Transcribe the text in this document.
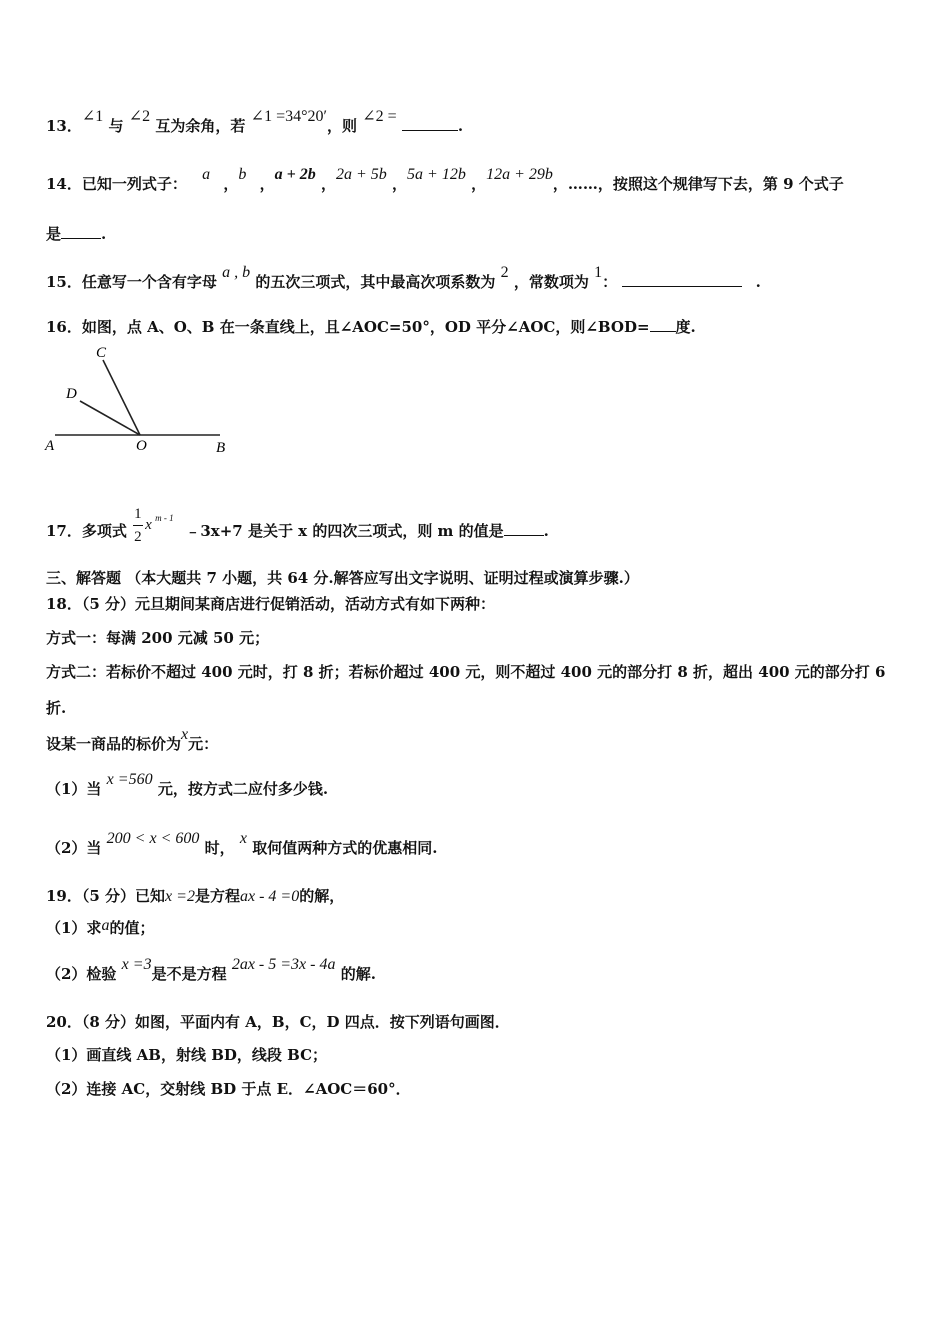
13．∠1 与 ∠2 互为余角，若 ∠1 =34°20′，则 ∠2 = .
14．已知一列式子： a ，b ，a + 2b ，2a + 5b ，5a + 12b ，12a + 29b，……，按照这个规律写下去，第 9 个式子
是	.
15．任意写一个含有字母 a , b 的五次三项式，其中最高次项系数为 2 ，常数项为 1：	.
16．如图，点 A、O、B 在一条直线上，且∠AOC=50°，OD 平分∠AOC，则∠BOD= 度.
C
D
A	O	B
17．多项式
1
2
x m - 1
﹣3x+7 是关于 x 的四次三项式，则 m 的值是	.
三、解答题 （本大题共 7 小题，共 64 分.解答应写出文字说明、证明过程或演算步骤.）
18．（5 分）元旦期间某商店进行促销活动，活动方式有如下两种：
方式一：每满 200 元减 50 元；
方式二：若标价不超过 400 元时，打 8 折；若标价超过 400 元，则不超过 400 元的部分打 8 折，超出 400 元的部分打 6
折.
设某一商品的标价为x元：
（1）当 x =560 元，按方式二应付多少钱.
（2）当 200 < x < 600 时， x 取何值两种方式的优惠相同.
19．（5 分）已知x =2是方程ax - 4 =0的解，
（1）求a的值；
（2）检验 x =3是不是方程 2ax - 5 =3x - 4a 的解.
20．（8 分）如图，平面内有 A，B，C，D 四点．按下列语句画图．
（1）画直线 AB，射线 BD，线段 BC；
（2）连接 AC，交射线 BD 于点 E．∠AOC＝60°．
